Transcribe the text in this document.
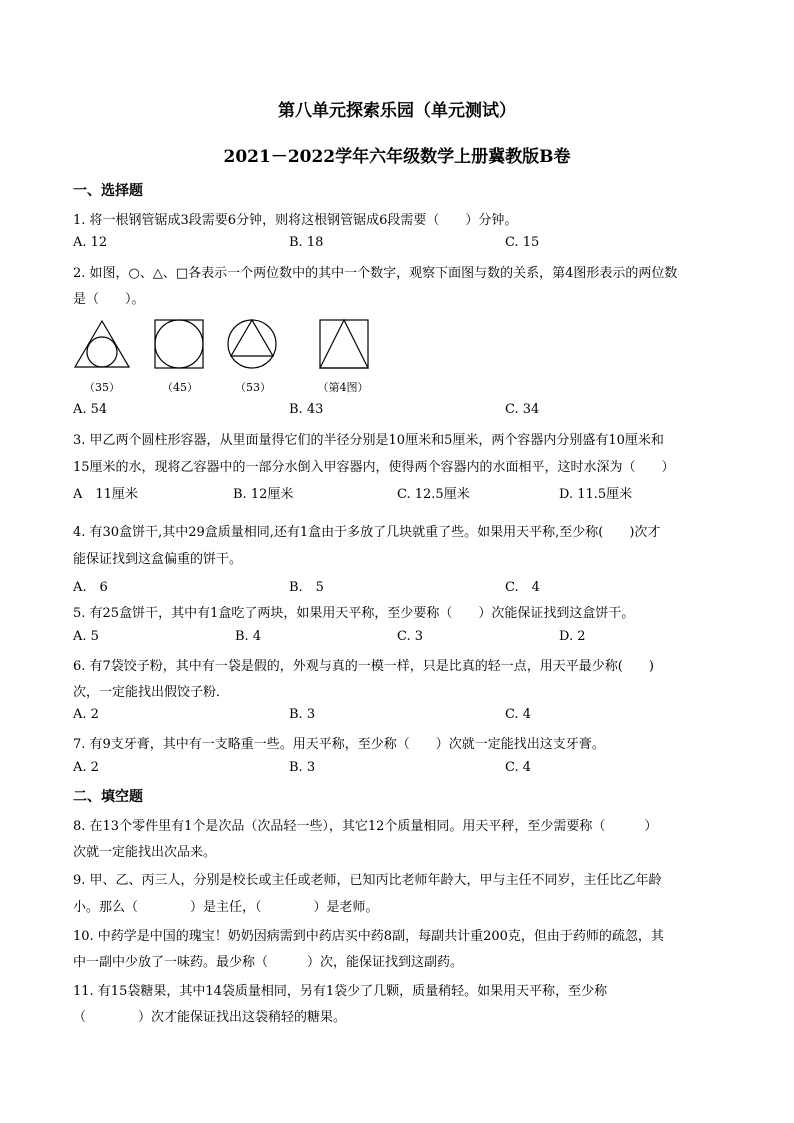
第八单元探索乐园（单元测试）
2021－2022学年六年级数学上册冀教版B卷
一、选择题
1. 将一根钢管锯成3段需要6分钟，则将这根钢管锯成6段需要（　　）分钟。
A. 12	B. 18	C. 15
2. 如图，○、△、□各表示一个两位数中的其中一个数字，观察下面图与数的关系，第4图形表示的两位数
是（　　）。
（35）	（45）	（53）	（第4图）
A. 54	B. 43	C. 34
3. 甲乙两个圆柱形容器，从里面量得它们的半径分别是10厘米和5厘米，两个容器内分别盛有10厘米和
15厘米的水，现将乙容器中的一部分水倒入甲容器内，使得两个容器内的水面相平，这时水深为（　　）
A　11厘米	B. 12厘米	C. 12.5厘米	D. 11.5厘米
4. 有30盒饼干,其中29盒质量相同,还有1盒由于多放了几块就重了些。如果用天平称,至少称(　　)次才
能保证找到这盒偏重的饼干。
A.　6	B.　5	C.　4
5. 有25盒饼干，其中有1盒吃了两块，如果用天平称，至少要称（　　）次能保证找到这盒饼干。
A. 5	B. 4	C. 3	D. 2
6. 有7袋饺子粉，其中有一袋是假的，外观与真的一模一样，只是比真的轻一点，用天平最少称(　　)
次，一定能找出假饺子粉．
A. 2	B. 3	C. 4
7. 有9支牙膏，其中有一支略重一些。用天平称，至少称（　　）次就一定能找出这支牙膏。
A. 2	B. 3	C. 4
二、填空题
8. 在13个零件里有1个是次品（次品轻一些），其它12个质量相同。用天平秤，至少需要称（　　　）
次就一定能找出次品来。
9. 甲、乙、丙三人，分别是校长或主任或老师，已知丙比老师年龄大，甲与主任不同岁，主任比乙年龄
小。那么（　　　　）是主任，（　　　　）是老师。
10. 中药学是中国的瑰宝！奶奶因病需到中药店买中药8副，每副共计重200克，但由于药师的疏忽，其
中一副中少放了一味药。最少称（　　　）次，能保证找到这副药。
11. 有15袋糖果，其中14袋质量相同，另有1袋少了几颗，质量稍轻。如果用天平称，至少称
（　　　　）次才能保证找出这袋稍轻的糖果。
